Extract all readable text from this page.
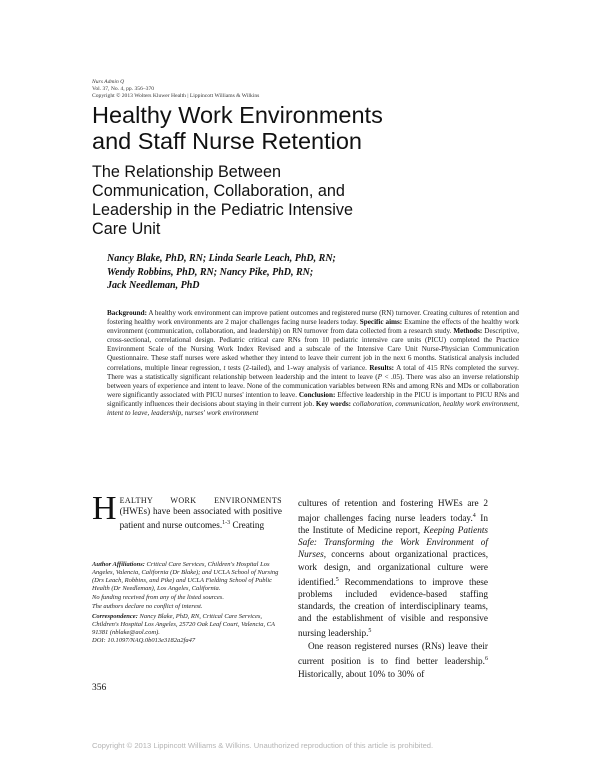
Nurs Admin Q
Vol. 37, No. 4, pp. 356–370
Copyright © 2013 Wolters Kluwer Health | Lippincott Williams & Wilkins
Healthy Work Environments
and Staff Nurse Retention
The Relationship Between
Communication, Collaboration, and
Leadership in the Pediatric Intensive
Care Unit
Nancy Blake, PhD, RN; Linda Searle Leach, PhD, RN;
Wendy Robbins, PhD, RN; Nancy Pike, PhD, RN;
Jack Needleman, PhD
Background: A healthy work environment can improve patient outcomes and registered nurse (RN) turnover. Creating cultures of retention and fostering healthy work environments are 2 major challenges facing nurse leaders today. Specific aims: Examine the effects of the healthy work environment (communication, collaboration, and leadership) on RN turnover from data collected from a research study. Methods: Descriptive, cross-sectional, correlational design. Pediatric critical care RNs from 10 pediatric intensive care units (PICU) completed the Practice Environment Scale of the Nursing Work Index Revised and a subscale of the Intensive Care Unit Nurse-Physician Communication Questionnaire. These staff nurses were asked whether they intend to leave their current job in the next 6 months. Statistical analysis included correlations, multiple linear regression, t tests (2-tailed), and 1-way analysis of variance. Results: A total of 415 RNs completed the survey. There was a statistically significant relationship between leadership and the intent to leave (P < .05). There was also an inverse relationship between years of experience and intent to leave. None of the communication variables between RNs and among RNs and MDs or collaboration were significantly associated with PICU nurses' intention to leave. Conclusion: Effective leadership in the PICU is important to PICU RNs and significantly influences their decisions about staying in their current job. Key words: collaboration, communication, healthy work environment, intent to leave, leadership, nurses' work environment
HEALTHY WORK ENVIRONMENTS (HWEs) have been associated with positive patient and nurse outcomes.$^{1-3}$ Creating

Author Affiliations: Critical Care Services, Children's Hospital Los Angeles, Valencia, California (Dr Blake); and UCLA School of Nursing (Drs Leach, Robbins, and Pike) and UCLA Fielding School of Public Health (Dr Needleman), Los Angeles, California.

No funding received from any of the listed sources.

The authors declare no conflict of interest.

Correspondence: Nancy Blake, PhD, RN, Critical Care Services, Children's Hospital Los Angeles, 25720 Oak Leaf Court, Valencia, CA 91381 (nblake@aol.com).

DOI: 10.1097/NAQ.0b013e3182a2fa47

cultures of retention and fostering HWEs are 2 major challenges facing nurse leaders today.$^4$ In the Institute of Medicine report, Keeping Patients Safe: Transforming the Work Environment of Nurses, concerns about organizational practices, work design, and organizational culture were identified.$^5$ Recommendations to improve these problems included evidence-based staffing standards, the creation of interdisciplinary teams, and the establishment of visible and responsive nursing leadership.$^5$

One reason registered nurses (RNs) leave their current position is to find better leadership.$^6$ Historically, about 10% to 30% of

356
Copyright © 2013 Lippincott Williams & Wilkins. Unauthorized reproduction of this article is prohibited.
